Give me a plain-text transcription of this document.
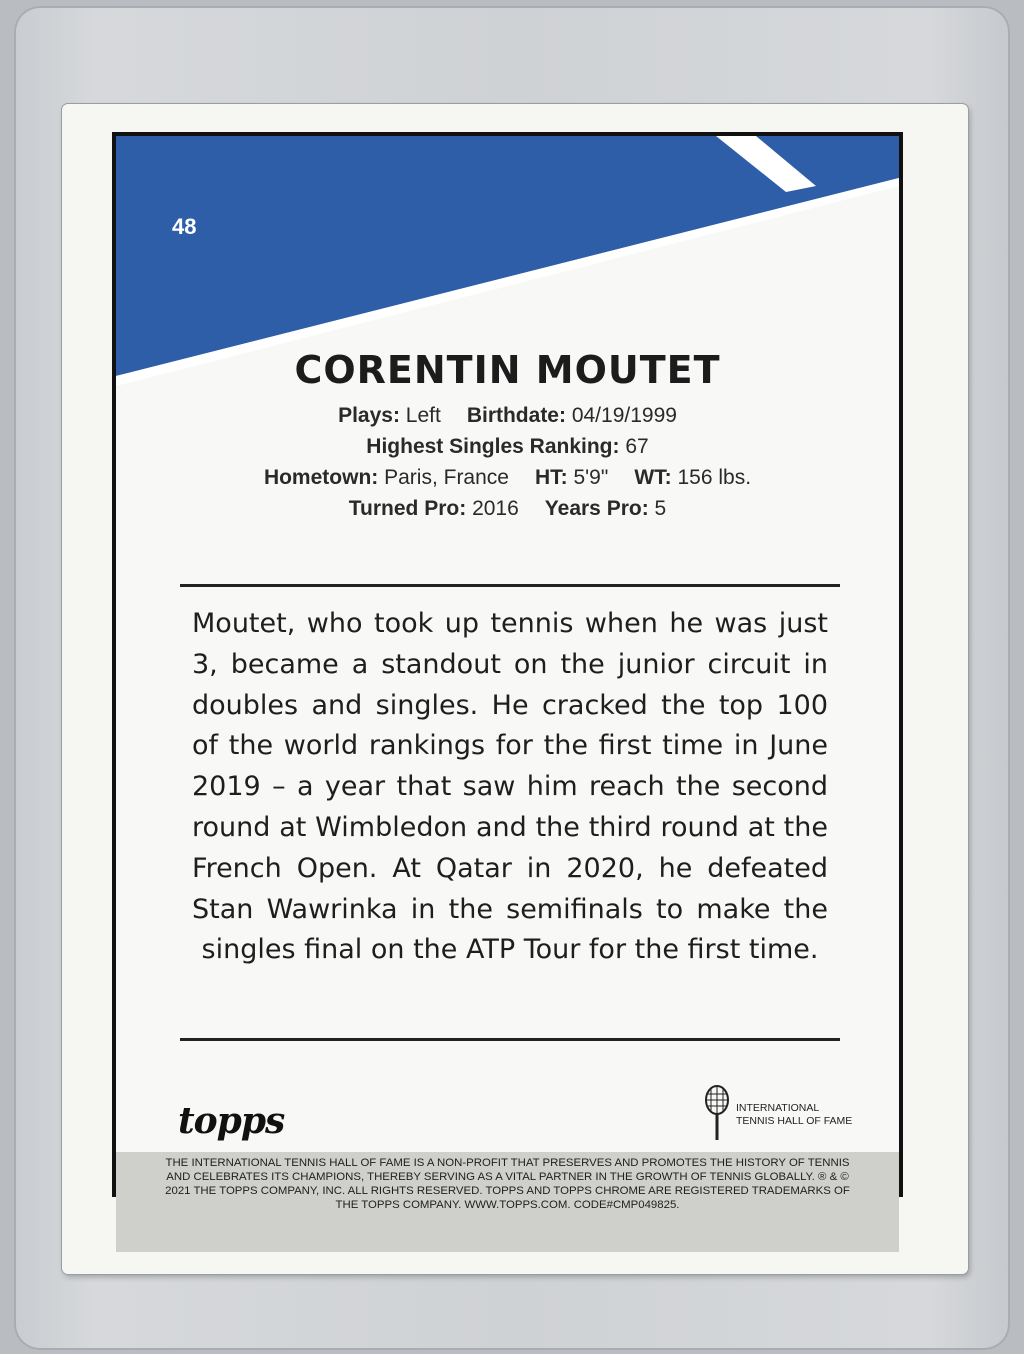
48
CORENTIN MOUTET
Plays: Left Birthdate: 04/19/1999
Highest Singles Ranking: 67
Hometown: Paris, France HT: 5'9" WT: 156 lbs.
Turned Pro: 2016 Years Pro: 5
Moutet, who took up tennis when he was just 3, became a standout on the junior circuit in doubles and singles. He cracked the top 100 of the world rankings for the first time in June 2019 – a year that saw him reach the second round at Wimbledon and the third round at the French Open. At Qatar in 2020, he defeated Stan Wawrinka in the semifinals to make the singles final on the ATP Tour for the first time.
topps	INTERNATIONAL
TENNIS HALL OF FAME
THE INTERNATIONAL TENNIS HALL OF FAME IS A NON-PROFIT THAT PRESERVES AND PROMOTES THE HISTORY OF TENNIS
AND CELEBRATES ITS CHAMPIONS, THEREBY SERVING AS A VITAL PARTNER IN THE GROWTH OF TENNIS GLOBALLY. ® & ©
2021 THE TOPPS COMPANY, INC. ALL RIGHTS RESERVED. TOPPS AND TOPPS CHROME ARE REGISTERED TRADEMARKS OF
THE TOPPS COMPANY. WWW.TOPPS.COM. CODE#CMP049825.
